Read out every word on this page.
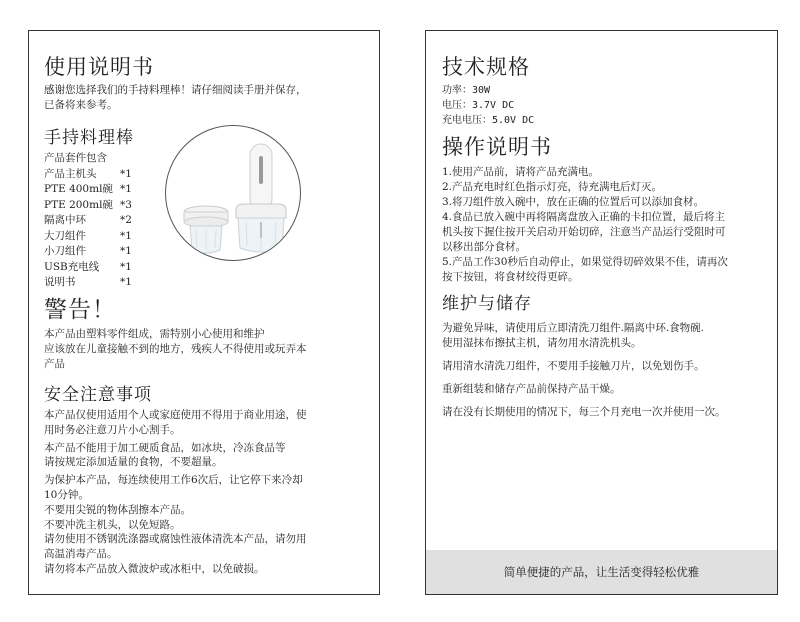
使用说明书

感谢您选择我们的手持料理棒！请仔细阅读手册并保存，

已备将来参考。

手持料理棒
产品套件包含
产品主机头	*1
PTE 400ml碗 *1
PTE 200ml碗 *3
隔离中环	*2
大刀组件	*1
小刀组件	*1
USB充电线	*1
说明书	*1
警告！

本产品由塑料零件组成，需特别小心使用和维护

应该放在儿童接触不到的地方，残疾人不得使用或玩弄本

产品

安全注意事项

本产品仅使用适用个人或家庭使用不得用于商业用途，使

用时务必注意刀片小心割手。

本产品不能用于加工硬质食品，如冰块，冷冻食品等

请按规定添加适量的食物，不要超量。

为保护本产品，每连续使用工作6次后，让它停下来冷却

10分钟。

不要用尖锐的物体刮擦本产品。

不要冲洗主机头，以免短路。

请勿使用不锈钢洗涤器或腐蚀性液体清洗本产品，请勿用

高温消毒产品。

请勿将本产品放入微波炉或冰柜中，以免破损。

技术规格

功率：30W

电压：3.7V DC

充电电压：5.0V DC

操作说明书

1.使用产品前，请将产品充满电。

2.产品充电时红色指示灯亮，待充满电后灯灭。

3.将刀组件放入碗中，放在正确的位置后可以添加食材。

4.食品已放入碗中再将隔离盘放入正确的卡扣位置，最后将主

机头按下握住按开关启动开始切碎，注意当产品运行受阻时可

以移出部分食材。

5.产品工作30秒后自动停止，如果觉得切碎效果不佳，请再次

按下按钮，将食材绞得更碎。

维护与储存

为避免异味，请使用后立即清洗刀组件.隔离中环.食物碗.

使用湿抹布擦拭主机，请勿用水清洗机头。

请用清水清洗刀组件，不要用手接触刀片，以免划伤手。

重新组装和储存产品前保持产品干燥。

请在没有长期使用的情况下，每三个月充电一次并使用一次。

简单便捷的产品，让生活变得轻松优雅
